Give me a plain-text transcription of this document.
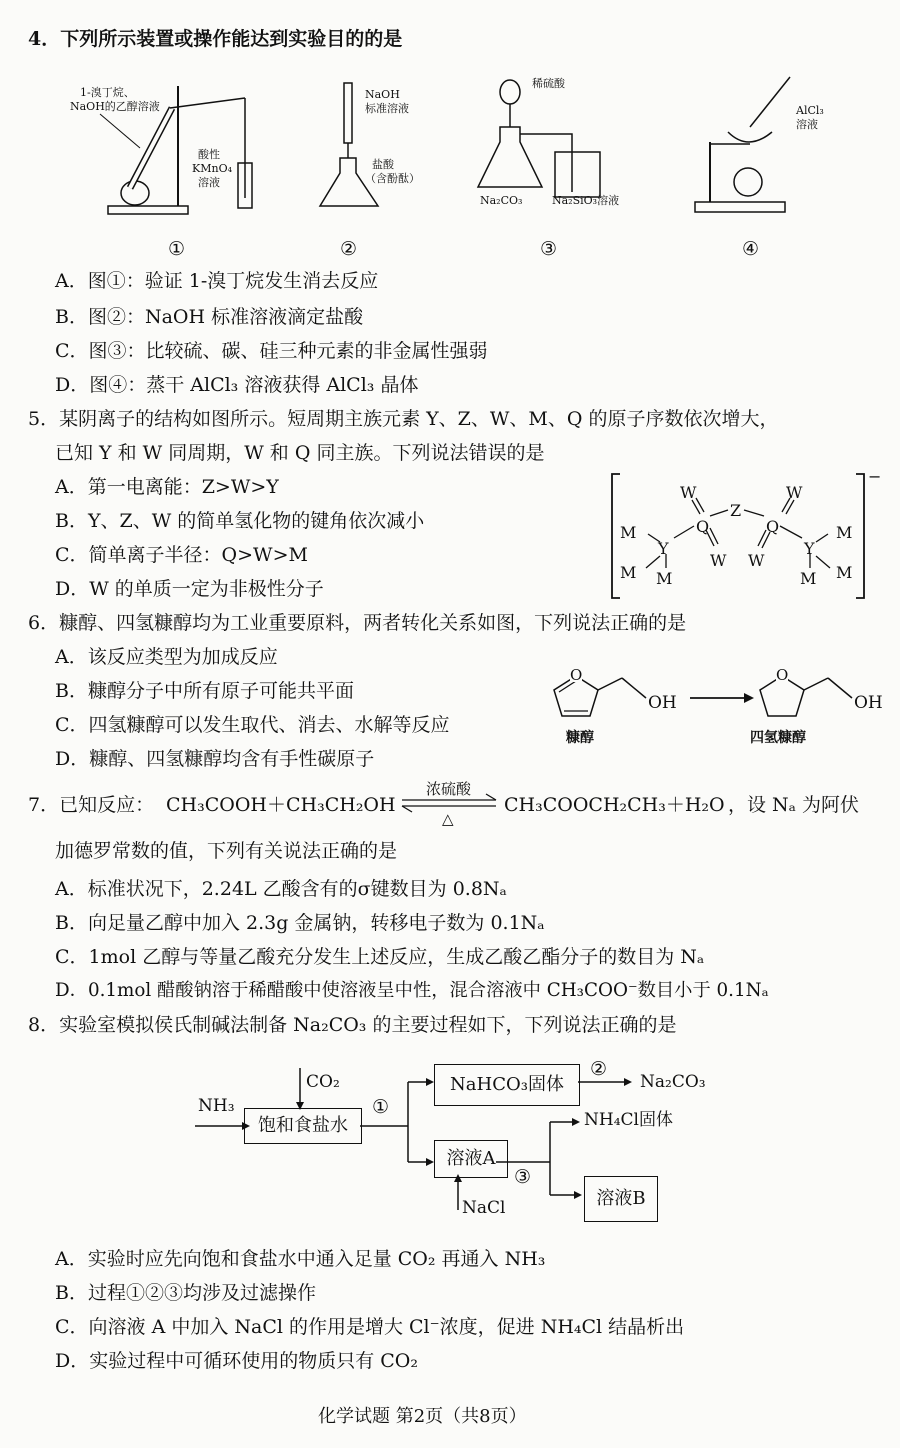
4．下列所示装置或操作能达到实验目的的是
1-溴丁烷、
NaOH的乙醇溶液
酸性
KMnO₄
溶液
①
NaOH
标准溶液
盐酸
（含酚酞）
②
稀硫酸
Na₂CO₃	Na₂SiO₃溶液
③
AlCl₃
溶液
④
A．图①：验证 1-溴丁烷发生消去反应
B．图②：NaOH 标准溶液滴定盐酸
C．图③：比较硫、碳、硅三种元素的非金属性强弱
D．图④：蒸干 AlCl₃ 溶液获得 AlCl₃ 晶体
5．某阴离子的结构如图所示。短周期主族元素 Y、Z、W、M、Q 的原子序数依次增大，
已知 Y 和 W 同周期，W 和 Q 同主族。下列说法错误的是
A．第一电离能：Z>W>Y
B．Y、Z、W 的简单氢化物的键角依次减小
C．简单离子半径：Q>W>M
D．W 的单质一定为非极性分子
−
W	W
Z
Q	Q
Y	Y
W W
M
M M
M
M
M
6．糠醇、四氢糠醇均为工业重要原料，两者转化关系如图，下列说法正确的是
A．该反应类型为加成反应
B．糠醇分子中所有原子可能共平面
C．四氢糠醇可以发生取代、消去、水解等反应
D．糠醇、四氢糠醇均含有手性碳原子
O
OH
O
OH
糠醇	四氢糠醇
7．已知反应： CH₃COOH＋CH₃CH₂OH
浓硫酸
△
CH₃COOCH₂CH₃＋H₂O ，设 Nₐ 为阿伏
加德罗常数的值，下列有关说法正确的是
A．标准状况下，2.24L 乙酸含有的σ键数目为 0.8Nₐ
B．向足量乙醇中加入 2.3g 金属钠，转移电子数为 0.1Nₐ
C．1mol 乙醇与等量乙酸充分发生上述反应，生成乙酸乙酯分子的数目为 Nₐ
D．0.1mol 醋酸钠溶于稀醋酸中使溶液呈中性，混合溶液中 CH₃COO⁻数目小于 0.1Nₐ
8．实验室模拟侯氏制碱法制备 Na₂CO₃ 的主要过程如下，下列说法正确的是
NH₃
CO₂
饱和食盐水
①
NaHCO₃固体
②
Na₂CO₃
溶液A
NaCl
③
NH₄Cl固体
溶液B
A．实验时应先向饱和食盐水中通入足量 CO₂ 再通入 NH₃
B．过程①②③均涉及过滤操作
C．向溶液 A 中加入 NaCl 的作用是增大 Cl⁻浓度，促进 NH₄Cl 结晶析出
D．实验过程中可循环使用的物质只有 CO₂
化学试题 第2页（共8页）
